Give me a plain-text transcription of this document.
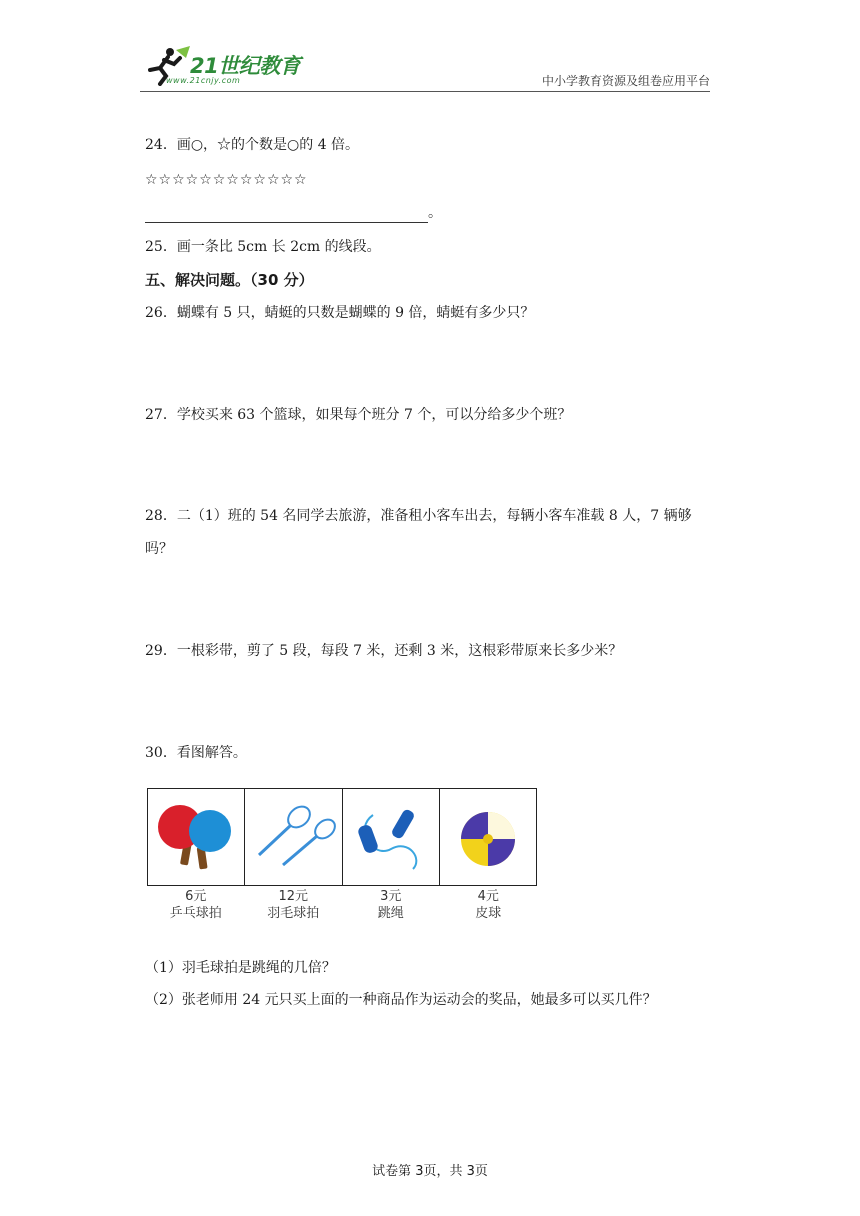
21世纪教育
www.21cnjy.com	中小学教育资源及组卷应用平台
24．画○，☆的个数是○的 4 倍。
☆☆☆☆☆☆☆☆☆☆☆☆
。
25．画一条比 5cm 长 2cm 的线段。
五、解决问题。（30 分）
26．蝴蝶有 5 只，蜻蜓的只数是蝴蝶的 9 倍，蜻蜓有多少只？
27．学校买来 63 个篮球，如果每个班分 7 个，可以分给多少个班？
28．二（1）班的 54 名同学去旅游，准备租小客车出去，每辆小客车准载 8 人，7 辆够
吗？
29．一根彩带，剪了 5 段，每段 7 米，还剩 3 米，这根彩带原来长多少米？
30．看图解答。
6元
乒乓球拍
12元
羽毛球拍
3元
跳绳
4元
皮球
（1）羽毛球拍是跳绳的几倍？
（2）张老师用 24 元只买上面的一种商品作为运动会的奖品，她最多可以买几件？
试卷第 3页，共 3页
